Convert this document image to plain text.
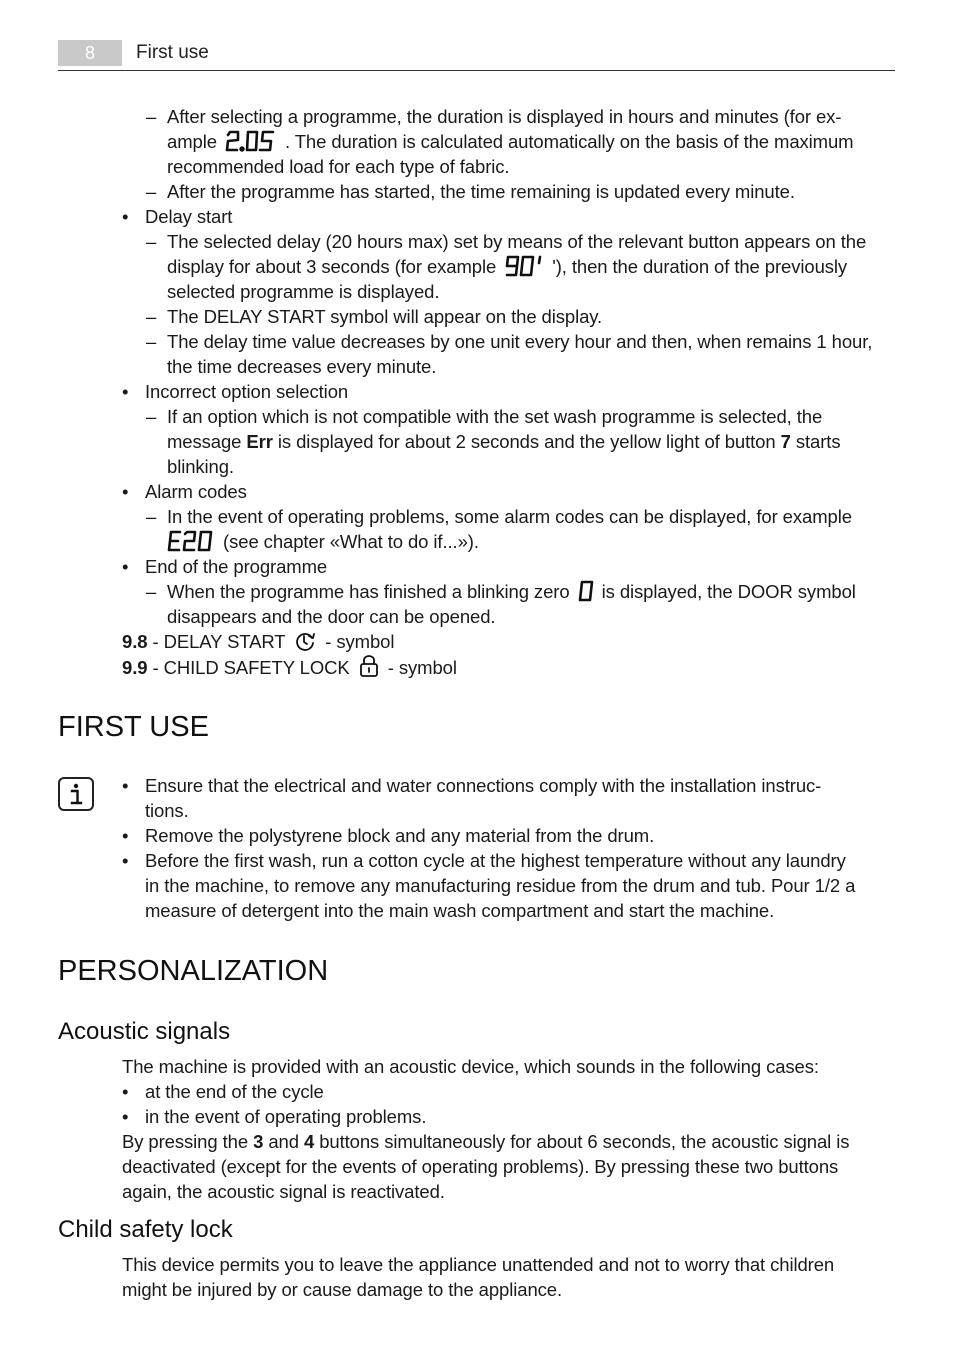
8	First use
– After selecting a programme, the duration is displayed in hours and minutes (for ex-
ample	. The duration is calculated automatically on the basis of the maximum
recommended load for each type of fabric.
– After the programme has started, the time remaining is updated every minute.
• Delay start
– The selected delay (20 hours max) set by means of the relevant button appears on the
display for about 3 seconds (for example	'), then the duration of the previously
selected programme is displayed.
– The DELAY START symbol will appear on the display.
– The delay time value decreases by one unit every hour and then, when remains 1 hour,
the time decreases every minute.
• Incorrect option selection
– If an option which is not compatible with the set wash programme is selected, the
message Err is displayed for about 2 seconds and the yellow light of button 7 starts
blinking.
• Alarm codes
– In the event of operating problems, some alarm codes can be displayed, for example
(see chapter «What to do if...»).
• End of the programme
– When the programme has finished a blinking zero is displayed, the DOOR symbol
disappears and the door can be opened.
9.8 - DELAY START - symbol
9.9 - CHILD SAFETY LOCK - symbol
FIRST USE
• Ensure that the electrical and water connections comply with the installation instruc-
tions.
• Remove the polystyrene block and any material from the drum.
• Before the first wash, run a cotton cycle at the highest temperature without any laundry
in the machine, to remove any manufacturing residue from the drum and tub. Pour 1/2 a
measure of detergent into the main wash compartment and start the machine.
PERSONALIZATION
Acoustic signals
The machine is provided with an acoustic device, which sounds in the following cases:
• at the end of the cycle
• in the event of operating problems.
By pressing the 3 and 4 buttons simultaneously for about 6 seconds, the acoustic signal is
deactivated (except for the events of operating problems). By pressing these two buttons
again, the acoustic signal is reactivated.
Child safety lock
This device permits you to leave the appliance unattended and not to worry that children
might be injured by or cause damage to the appliance.
